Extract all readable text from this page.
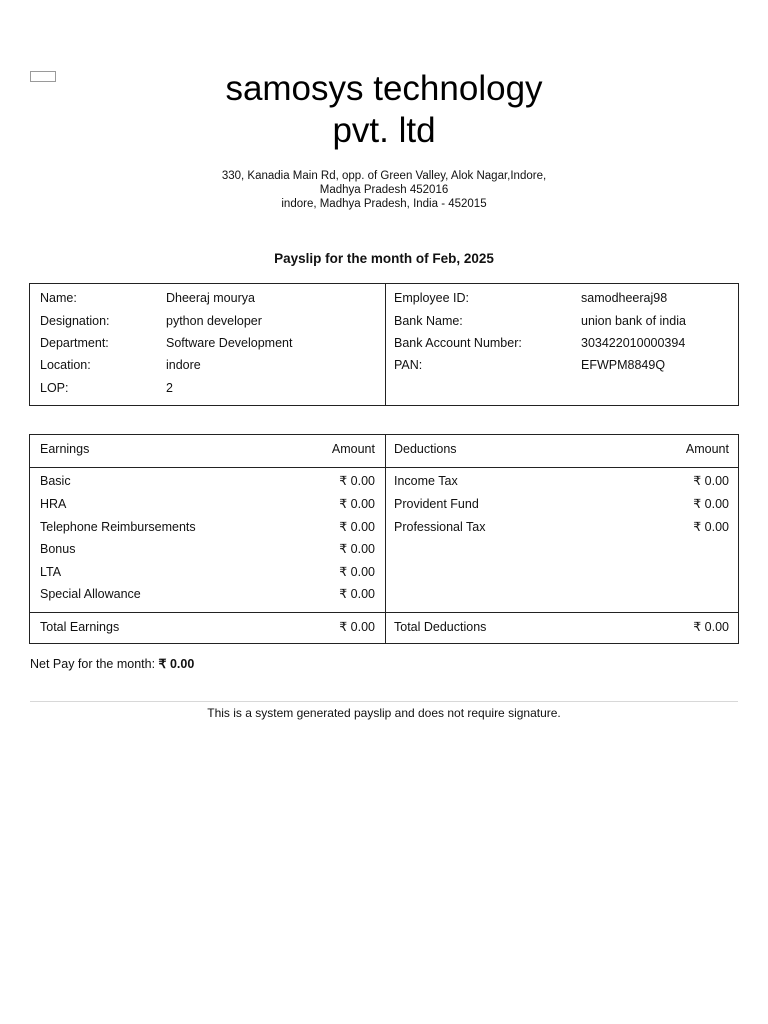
samosys technology
pvt. ltd
330, Kanadia Main Rd, opp. of Green Valley, Alok Nagar,Indore,
Madhya Pradesh 452016
indore, Madhya Pradesh, India - 452015
Payslip for the month of Feb, 2025
Name:	Dheeraj mourya
Designation:	python developer
Department:	Software Development
Location:	indore
LOP:	2
Employee ID:	samodheeraj98
Bank Name:	union bank of india
Bank Account Number:	303422010000394
PAN:	EFWPM8849Q
Earnings	Amount Deductions	Amount
Basic	₹ 0.00
HRA	₹ 0.00
Telephone Reimbursements	₹ 0.00
Bonus	₹ 0.00
LTA	₹ 0.00
Special Allowance	₹ 0.00
Income Tax	₹ 0.00
Provident Fund	₹ 0.00
Professional Tax	₹ 0.00
Total Earnings	₹ 0.00 Total Deductions	₹ 0.00
Net Pay for the month: ₹ 0.00
This is a system generated payslip and does not require signature.
